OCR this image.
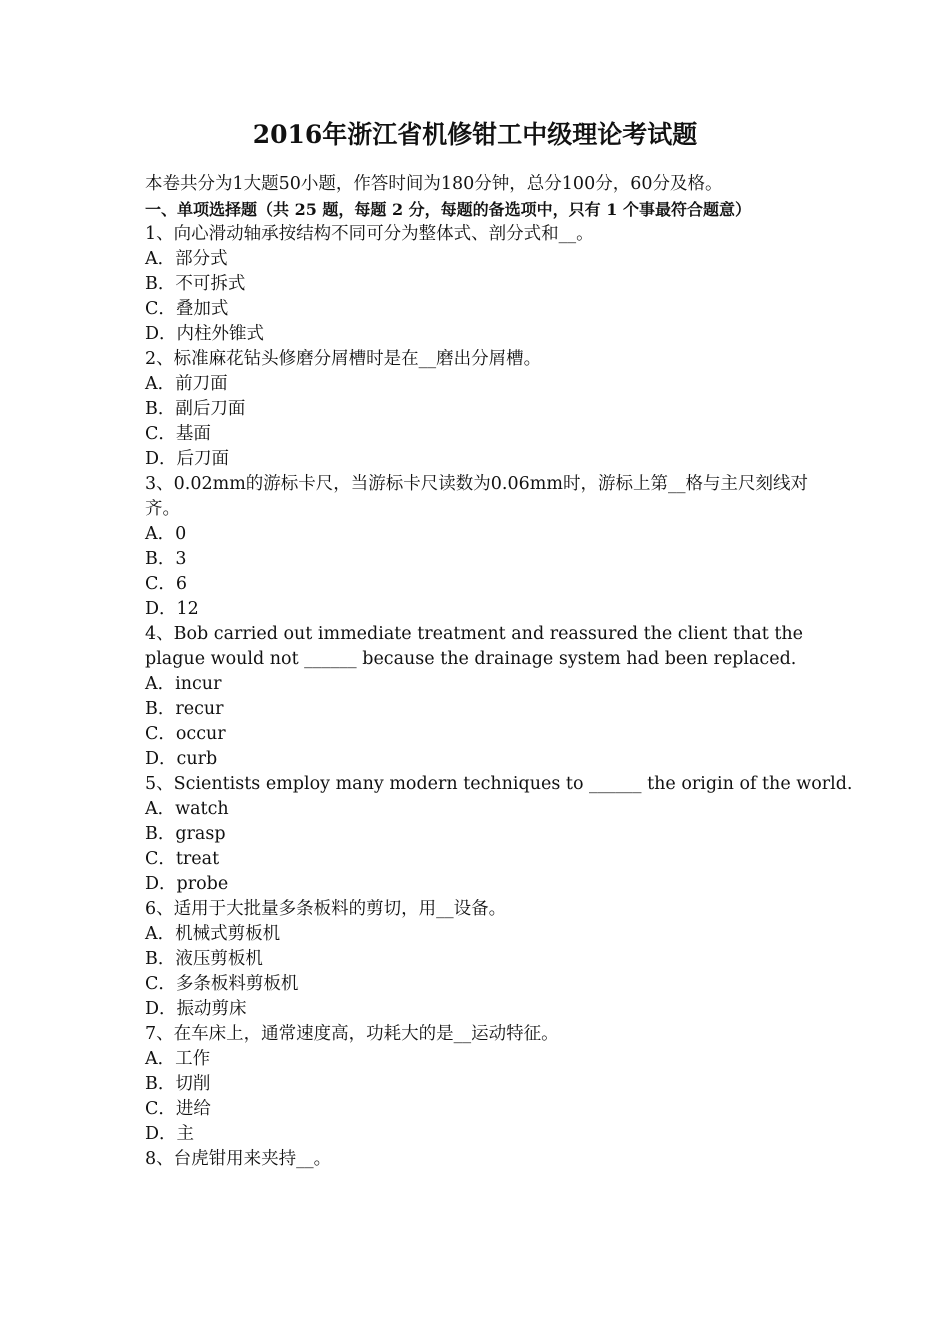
2016年浙江省机修钳工中级理论考试题
本卷共分为1大题50小题，作答时间为180分钟，总分100分，60分及格。
一、单项选择题（共 25 题，每题 2 分，每题的备选项中，只有 1 个事最符合题意）
1、向心滑动轴承按结构不同可分为整体式、剖分式和__。
A．部分式
B．不可拆式
C．叠加式
D．内柱外锥式
2、标准麻花钻头修磨分屑槽时是在__磨出分屑槽。
A．前刀面
B．副后刀面
C．基面
D．后刀面
3、0.02mm的游标卡尺，当游标卡尺读数为0.06mm时，游标上第__格与主尺刻线对齐。
A．0
B．3
C．6
D．12
4、Bob carried out immediate treatment and reassured the client that the plague would not ______ because the drainage system had been replaced.
A．incur
B．recur
C．occur
D．curb
5、Scientists employ many modern techniques to ______ the origin of the world.
A．watch
B．grasp
C．treat
D．probe
6、适用于大批量多条板料的剪切，用__设备。
A．机械式剪板机
B．液压剪板机
C．多条板料剪板机
D．振动剪床
7、在车床上，通常速度高，功耗大的是__运动特征。
A．工作
B．切削
C．进给
D．主
8、台虎钳用来夹持__。
